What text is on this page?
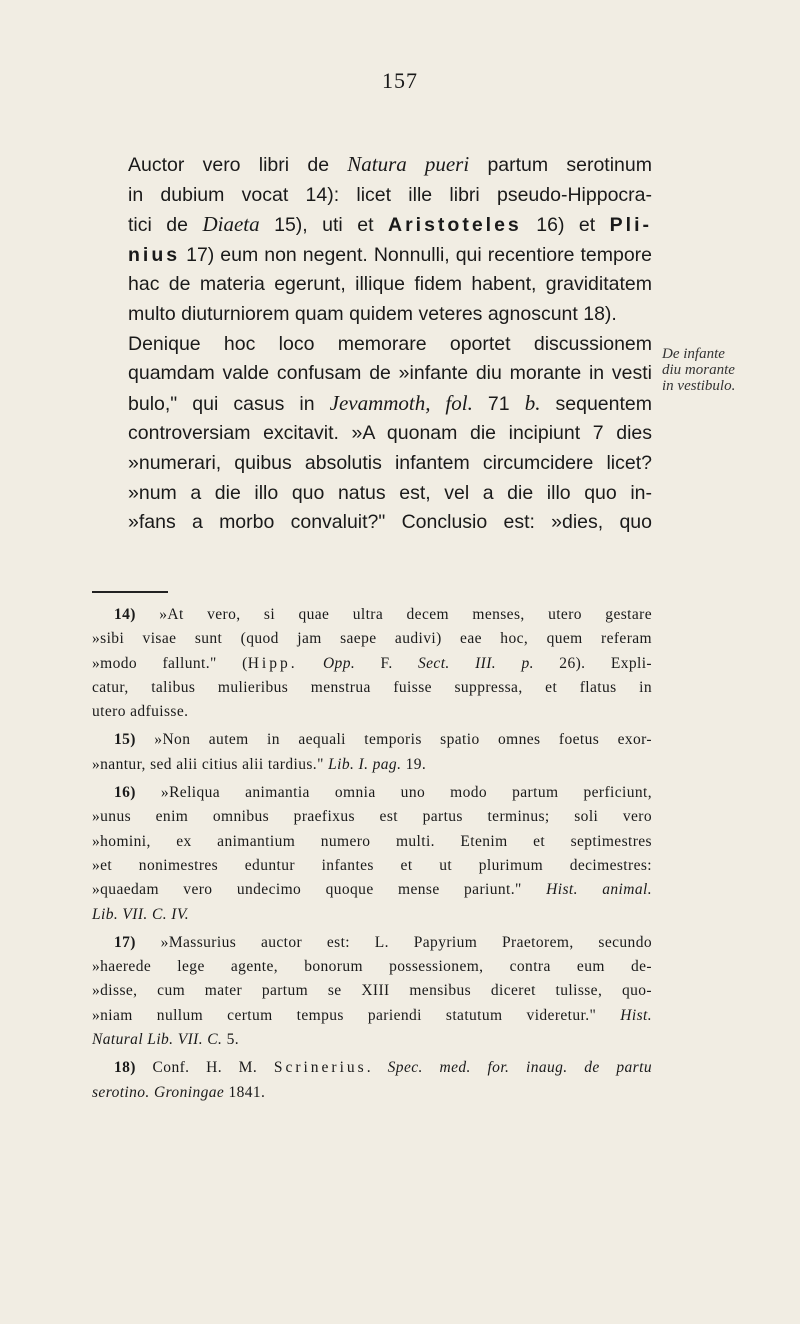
157

Auctor vero libri de Natura pueri partum serotinum
in dubium vocat 14): licet ille libri pseudo-Hippocra-
tici de Diaeta 15), uti et Aristoteles 16) et Pli-
nius 17) eum non negent. Nonnulli, qui recentiore tempore
hac de materia egerunt, illique fidem habent, graviditatem
multo diuturniorem quam quidem veteres agnoscunt 18).

Denique hoc loco memorare oportet discussionem
quamdam valde confusam de »infante diu morante in vesti
bulo," qui casus in Jevammoth, fol. 71 b. sequentem
controversiam excitavit. »A quonam die incipiunt 7 dies
»numerari, quibus absolutis infantem circumcidere licet?
»num a die illo quo natus est, vel a die illo quo in-
»fans a morbo convaluit?" Conclusio est: »dies, quo

De infante
diu morante
in vestibulo.
14) »At vero, si quae ultra decem menses, utero gestare
»sibi visae sunt (quod jam saepe audivi) eae hoc, quem referam
»modo fallunt." (Hipp. Opp. F. Sect. III. p. 26). Expli-
catur, talibus mulieribus menstrua fuisse suppressa, et flatus in
utero adfuisse.
15) »Non autem in aequali temporis spatio omnes foetus exor-
»nantur, sed alii citius alii tardius." Lib. I. pag. 19.
16) »Reliqua animantia omnia uno modo partum perficiunt,
»unus enim omnibus praefixus est partus terminus; soli vero
»homini, ex animantium numero multi. Etenim et septimestres
»et nonimestres eduntur infantes et ut plurimum decimestres:
»quaedam vero undecimo quoque mense pariunt." Hist. animal.
Lib. VII. C. IV.
17) »Massurius auctor est: L. Papyrium Praetorem, secundo
»haerede lege agente, bonorum possessionem, contra eum de-
»disse, cum mater partum se XIII mensibus diceret tulisse, quo-
»niam nullum certum tempus pariendi statutum videretur." Hist.
Natural Lib. VII. C. 5.
18) Conf. H. M. Scrinerius. Spec. med. for. inaug. de partu
serotino. Groningae 1841.
